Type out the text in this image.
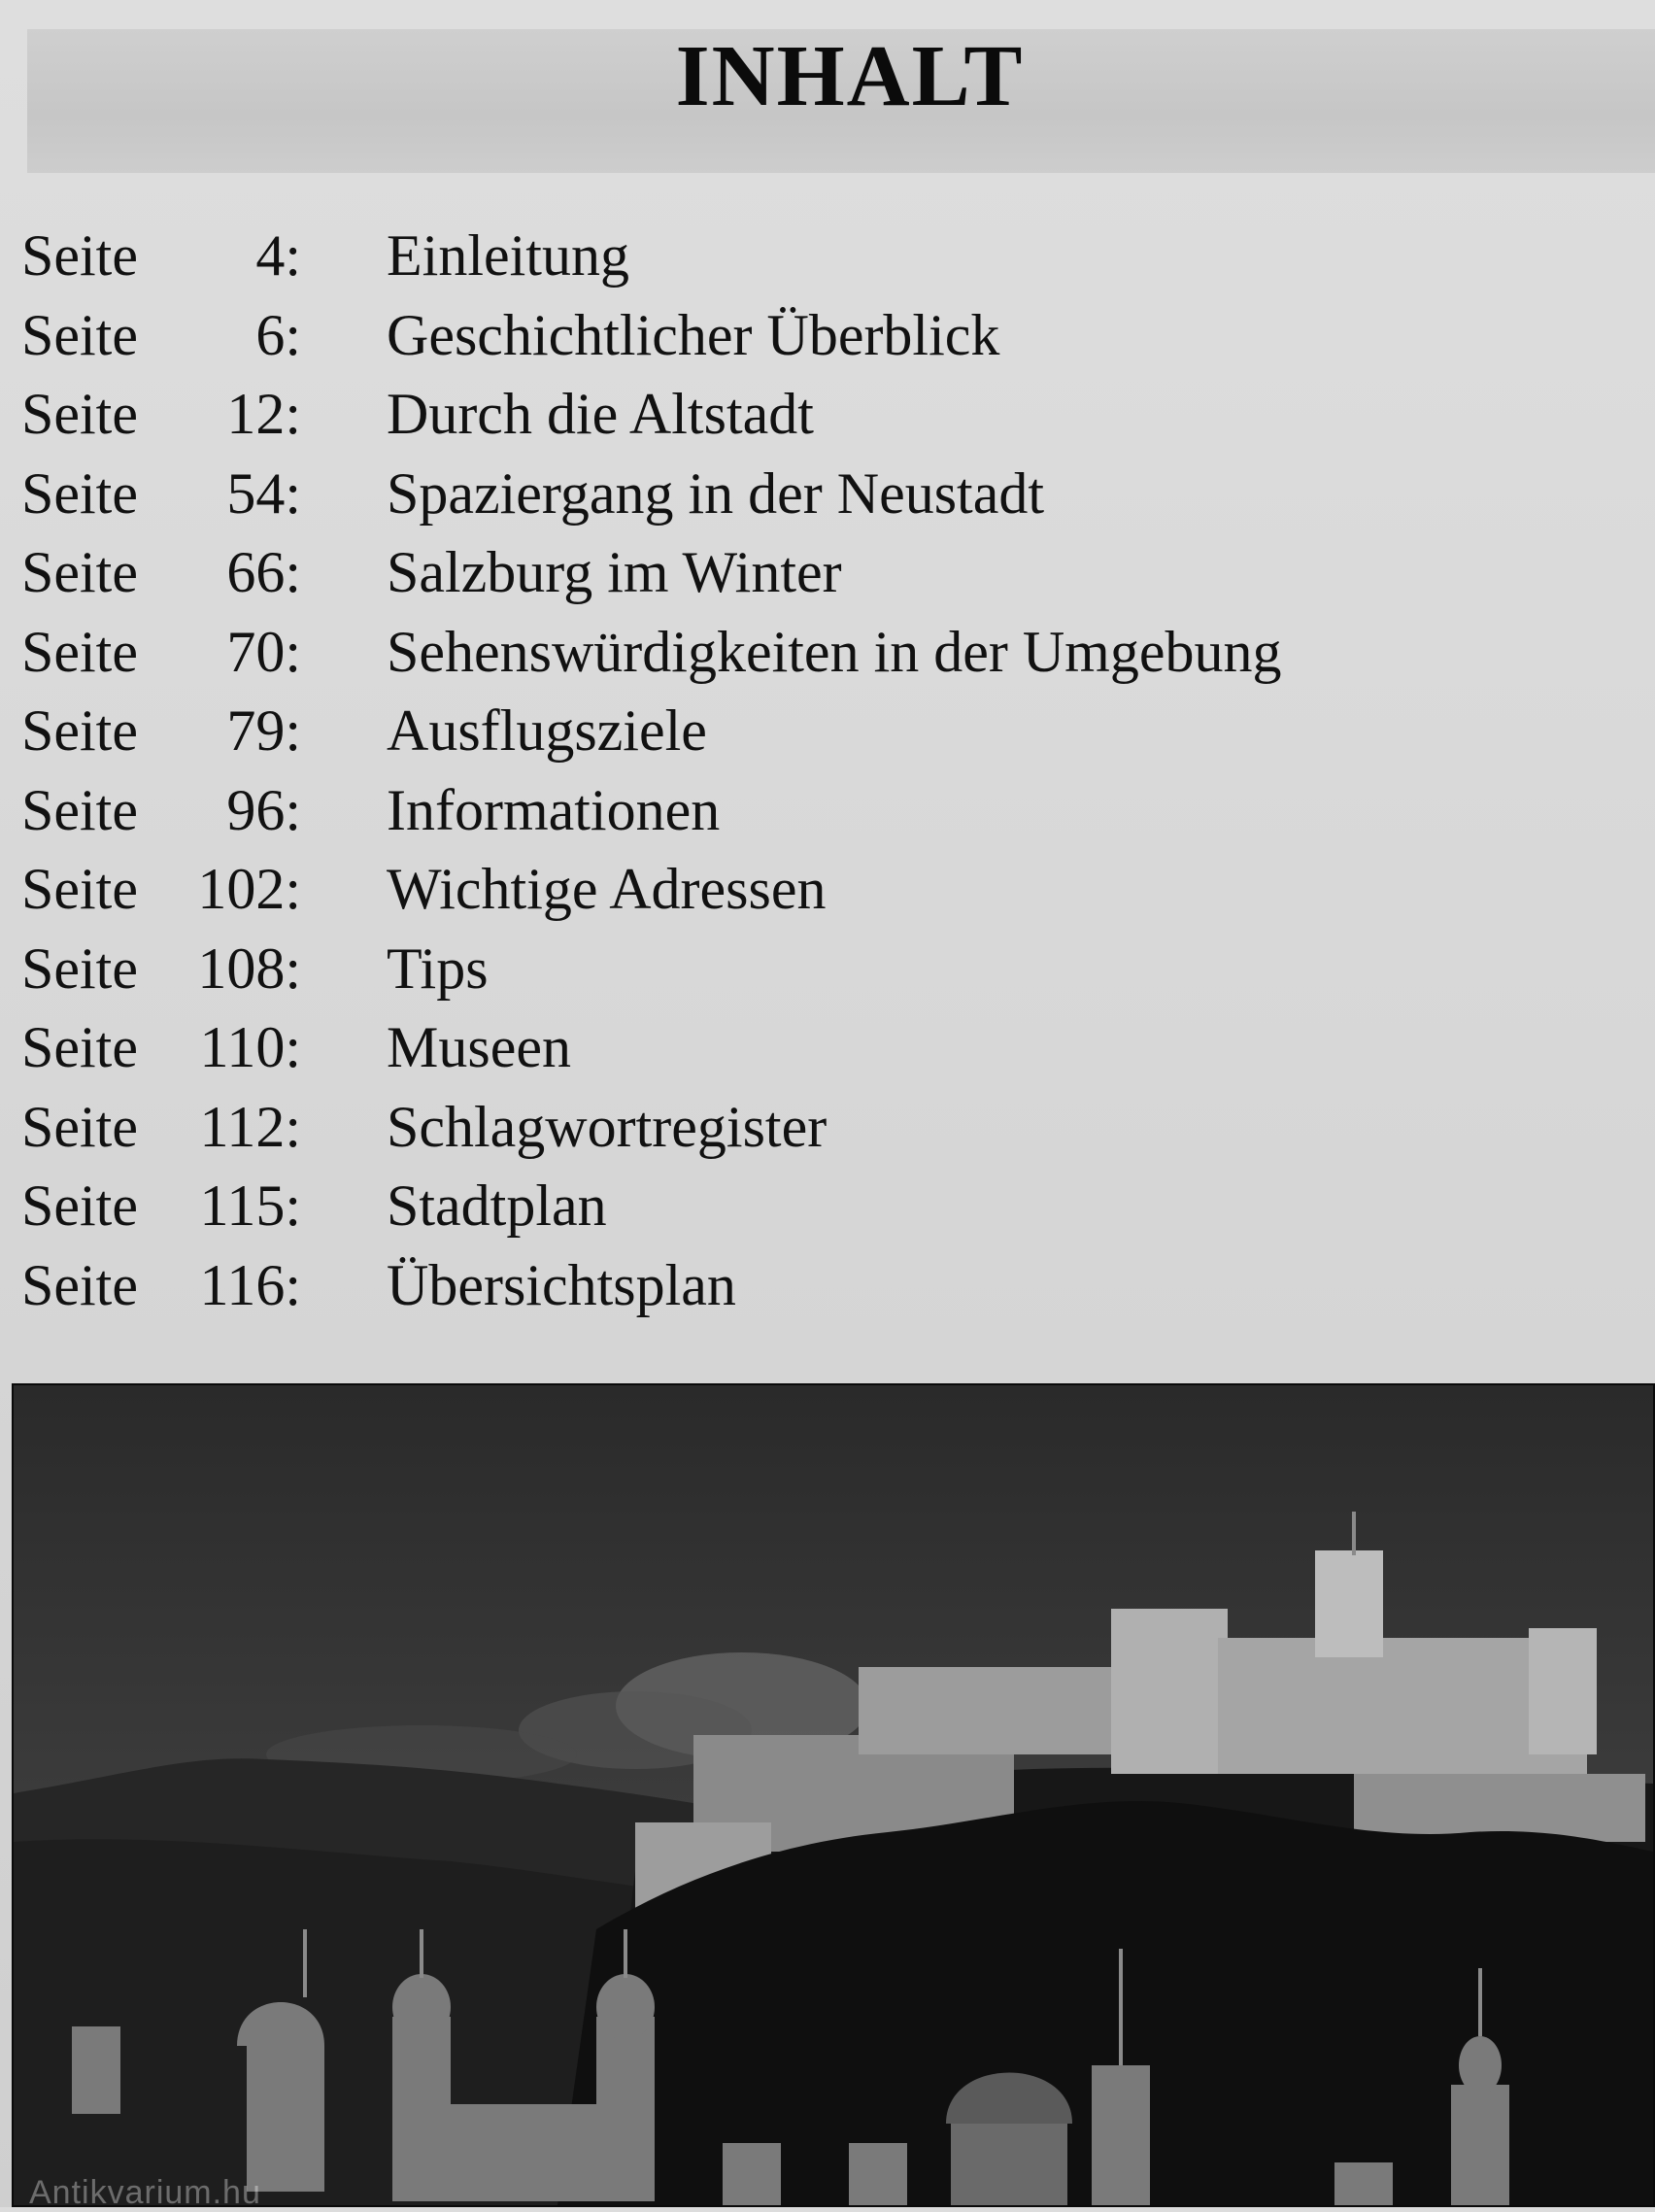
INHALT
Seite	4: Einleitung
Seite	6: Geschichtlicher Überblick
Seite	12: Durch die Altstadt
Seite	54: Spaziergang in der Neustadt
Seite	66: Salzburg im Winter
Seite	70: Sehenswürdigkeiten in der Umgebung
Seite	79: Ausflugsziele
Seite	96: Informationen
Seite	102: Wichtige Adressen
Seite	108: Tips
Seite	110: Museen
Seite	112: Schlagwortregister
Seite	115: Stadtplan
Seite	116: Übersichtsplan
Antikvarium.hu
